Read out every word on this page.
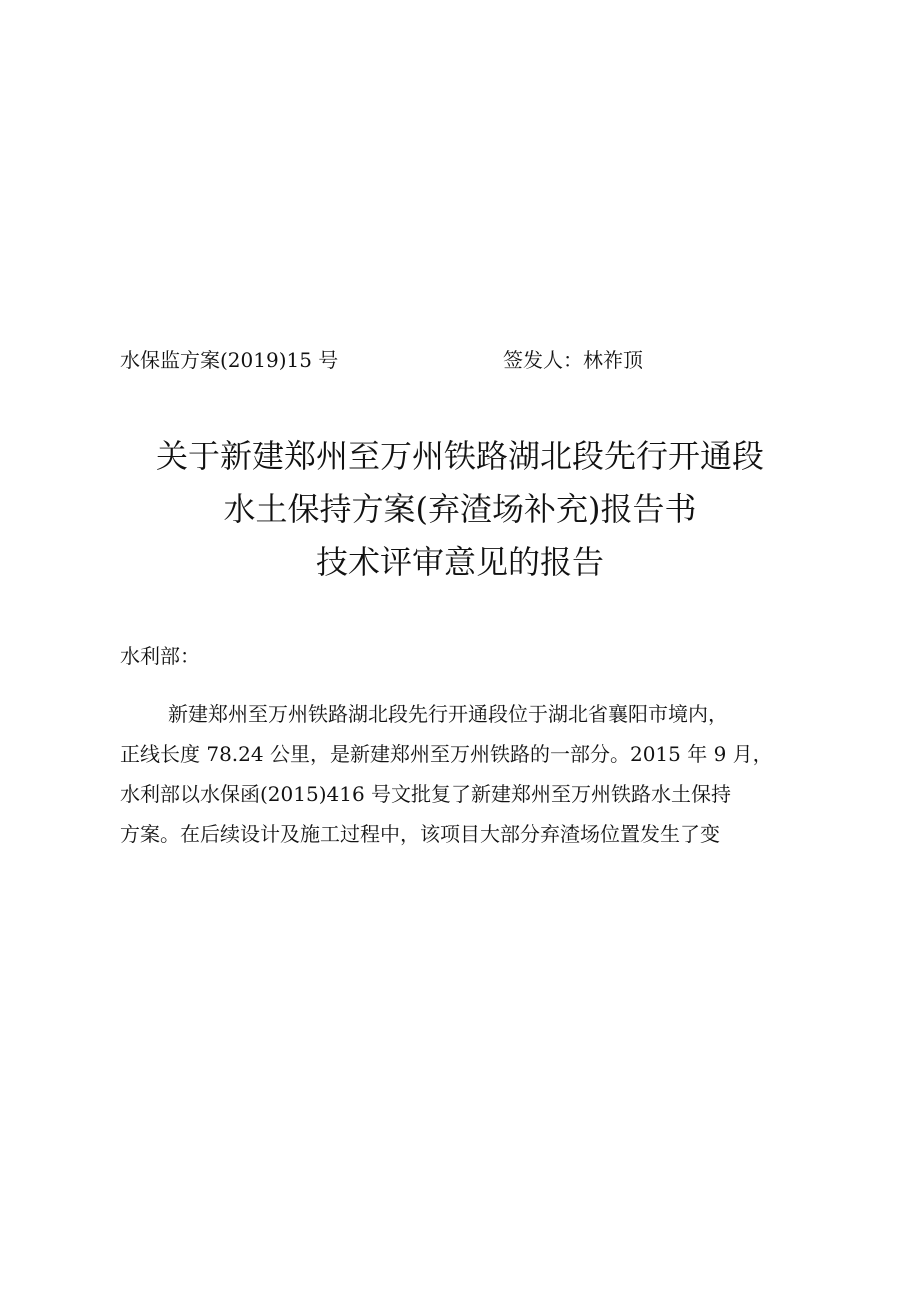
水保监方案(2019)15 号	签发人：林祚顶
关于新建郑州至万州铁路湖北段先行开通段
水土保持方案(弃渣场补充)报告书
技术评审意见的报告
水利部：
新建郑州至万州铁路湖北段先行开通段位于湖北省襄阳市境内，
正线长度 78.24 公里，是新建郑州至万州铁路的一部分。2015 年 9 月，
水利部以水保函(2015)416 号文批复了新建郑州至万州铁路水土保持
方案。在后续设计及施工过程中，该项目大部分弃渣场位置发生了变
